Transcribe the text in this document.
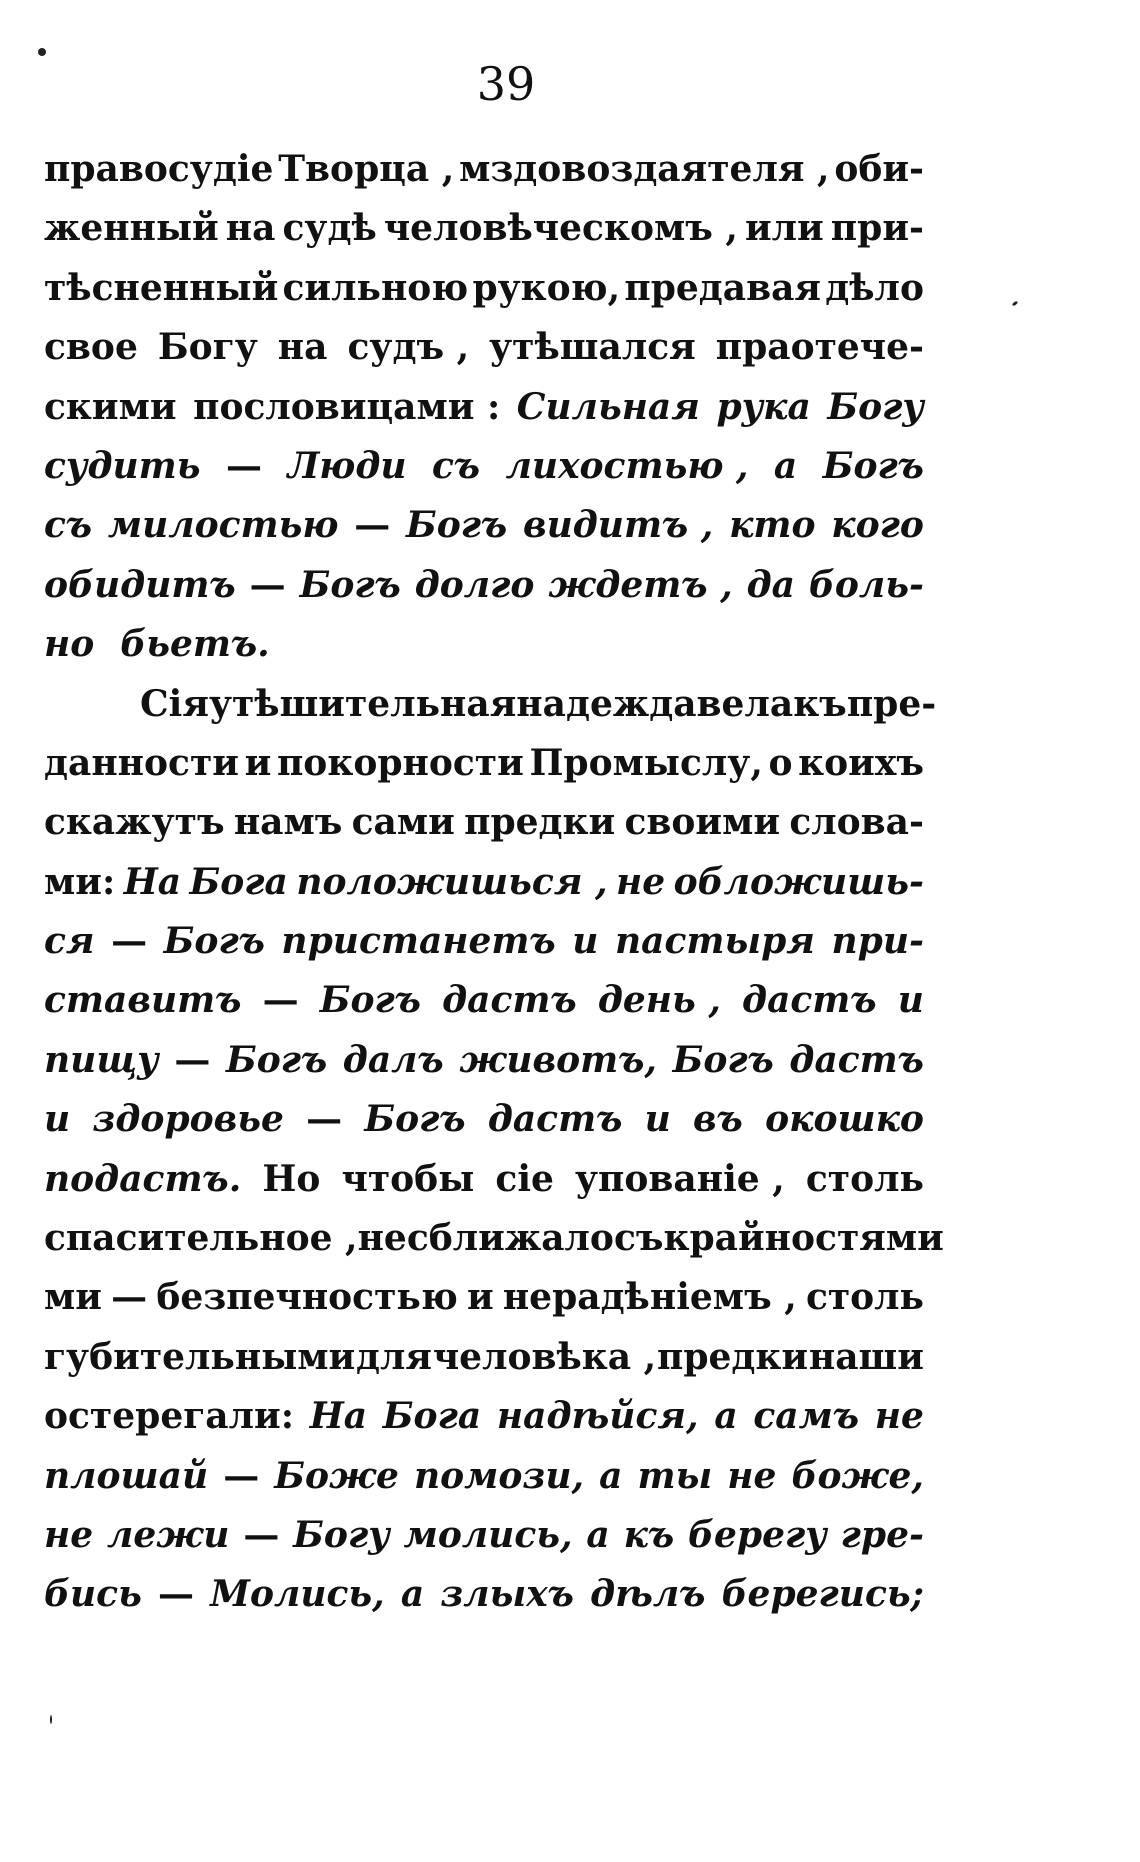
39
правосудіе Творца , мздовоздаятеля , оби-
женный на судѣ человѣческомъ , или при-
тѣсненный сильною рукою, предавая дѣло
свое Богу на судъ , утѣшался праотече-
скими пословицами : Сильная рука Богу
судить — Люди съ лихостью , а Богъ
съ милостью — Богъ видитъ , кто кого
обидитъ — Богъ долго ждетъ , да боль-
но бьетъ.
Сія утѣшительная надежда вела къ пре-
данности и покорности Промыслу, о коихъ
скажутъ намъ сами предки своими слова-
ми: На Бога положишься , не обложишь-
ся — Богъ пристанетъ и пастыря при-
ставитъ — Богъ дастъ день , дастъ и
пищу — Богъ далъ животъ, Богъ дастъ
и здоровье — Богъ дастъ и въ окошко
подастъ. Но чтобы сіе упованіе , столь
спасительное , не сближало съ крайностями
ми — безпечностью и нерадѣніемъ , столь
губительными для человѣка , предки наши
остерегали: На Бога надѣйся, а самъ не
плошай — Боже помози, а ты не боже,
не лежи — Богу молись, а къ берегу гре-
бись — Молись, а злыхъ дѣлъ берегись;
